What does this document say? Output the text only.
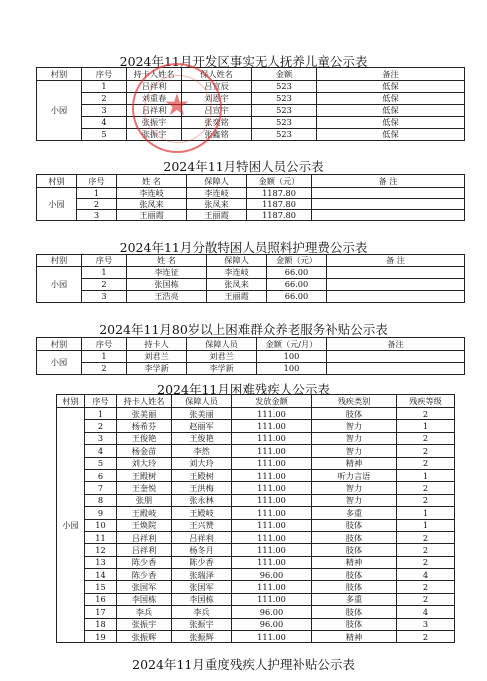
2024年11月开发区事实无人抚养儿童公示表
村别	序号	持卡人姓名	保人姓名	金额	备注
小园	1	吕祥利	吕宣辰	523	低保
	2	刘重春	刘恩宇	523	低保
	3	吕祥利	吕宣宇	523	低保
	4	张振宇	张奕铭	523	低保
	5	张振宇	张鑫铭	523	低保
★
2024年11月特困人员公示表
村别	序号	姓 名	保障人	金额（元）	备 注
小园	1	李连岐	李连岐	1187.80	
	2	张凤来	张凤来	1187.80	
	3	王丽霞	王丽霞	1187.80	
2024年11月分散特困人员照料护理费公示表
村别	序号	姓 名	保障人	金额（元）	备 注
小园	1	李连征	李连岐	66.00	
	2	张国栋	张凤来	66.00	
	3	王浩亮	王丽霞	66.00	
2024年11月80岁以上困难群众养老服务补贴公示表
村别	序号	持卡人	保障人员	金额（元/月）	备注
小园	1	刘君兰	刘君兰	100	
	2	李学新	李学新	100	
2024年11月困难残疾人公示表
村别	序号	持卡人姓名	保障人员	发放金额	残疾类别	残疾等级
小园	1	张美丽	张美丽	111.00	肢体	2
	2	杨希芬	赵丽军	111.00	智力	1
	3	王俊艳	王俊艳	111.00	智力	2
	4	杨金苗	李然	111.00	智力	2
	5	刘大玲	刘大玲	111.00	精神	2
	6	王殿树	王殿树	111.00	听力言语	1
	7	王奎悦	王洪梅	111.00	智力	2
	8	张朋	张永林	111.00	智力	2
	9	王殿岐	王殿岐	111.00	多重	1
	10	王焕院	王兴赞	111.00	肢体	1
	11	吕祥利	吕祥利	111.00	肢体	2
	12	吕祥利	杨冬月	111.00	肢体	2
	13	陈少香	陈少香	111.00	精神	2
	14	陈少香	张瑞泽	96.00	肢体	4
	15	张国军	张国军	111.00	肢体	2
	16	李国栋	李国栋	111.00	多重	2
	17	李兵	李兵	96.00	肢体	4
	18	张振宇	张振宇	96.00	肢体	3
	19	张振辉	张振辉	111.00	精神	2
2024年11月重度残疾人护理补贴公示表
